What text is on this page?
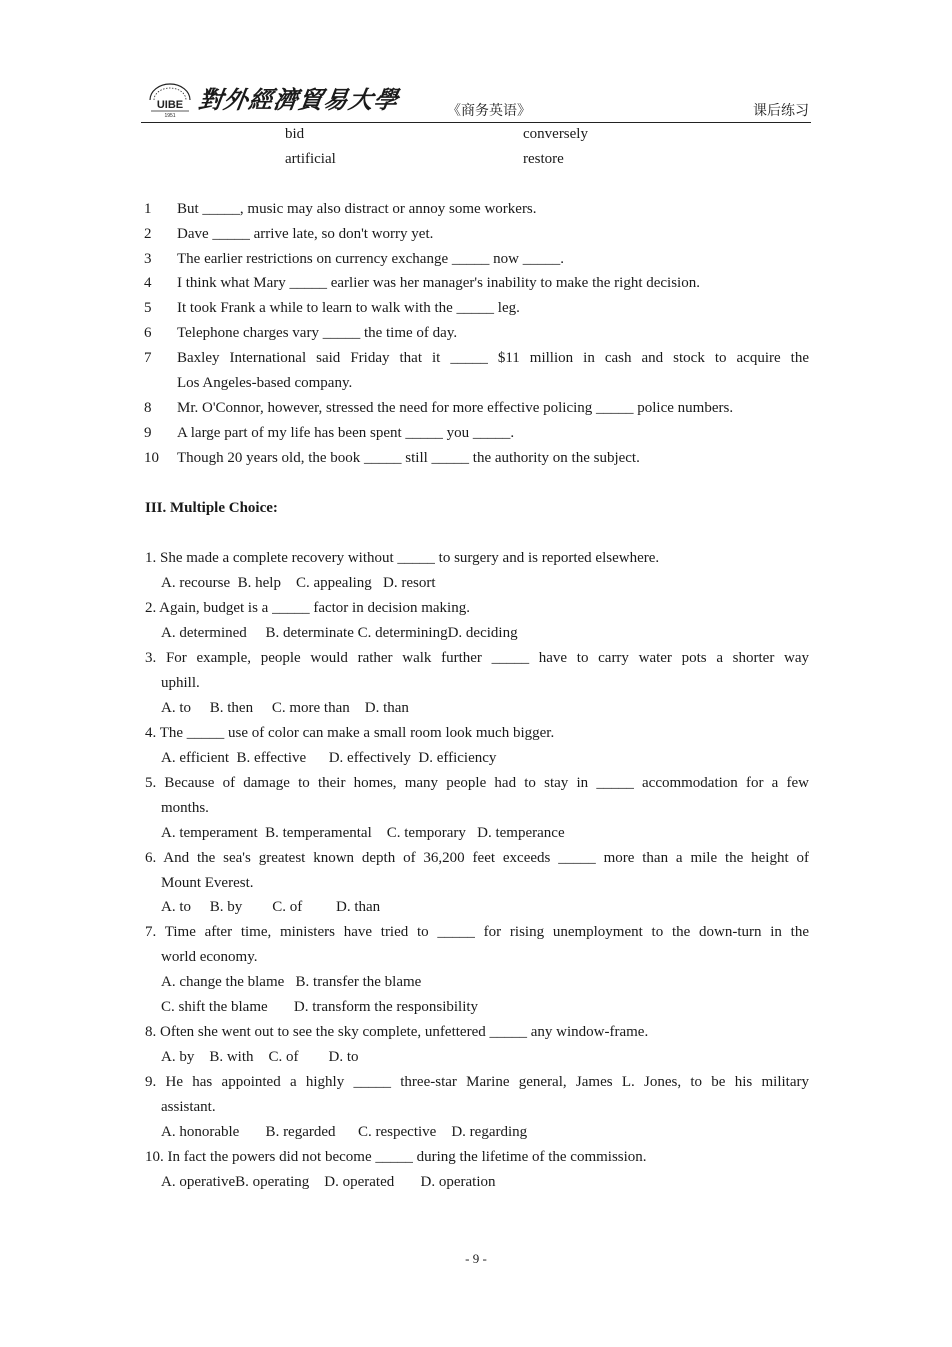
UIBE
1951
對外經濟貿易大學	《商务英语》	课后练习
bid
artificial
conversely
restore
1 But _____, music may also distract or annoy some workers.
2 Dave _____ arrive late, so don't worry yet.
3 The earlier restrictions on currency exchange _____ now _____.
4 I think what Mary _____ earlier was her manager's inability to make the right decision.
5 It took Frank a while to learn to walk with the _____ leg.
6 Telephone charges vary _____ the time of day.
7 Baxley International said Friday that it _____ $11 million in cash and stock to acquire the
Los Angeles-based company.
8 Mr. O'Connor, however, stressed the need for more effective policing _____ police numbers.
9 A large part of my life has been spent _____ you _____.
10 Though 20 years old, the book _____ still _____ the authority on the subject.
III. Multiple Choice:
1. She made a complete recovery without _____ to surgery and is reported elsewhere.
A. recourse  B. help    C. appealing   D. resort
2. Again, budget is a _____ factor in decision making.
A. determined     B. determinate C. determiningD. deciding
3. For example, people would rather walk further _____ have to carry water pots a shorter way
uphill.
A. to     B. then     C. more than    D. than
4. The _____ use of color can make a small room look much bigger.
A. efficient  B. effective      D. effectively  D. efficiency
5. Because of damage to their homes, many people had to stay in _____ accommodation for a few
months.
A. temperament  B. temperamental    C. temporary   D. temperance
6. And the sea's greatest known depth of 36,200 feet exceeds _____ more than a mile the height of
Mount Everest.
A. to     B. by        C. of         D. than
7. Time after time, ministers have tried to _____ for rising unemployment to the down-turn in the
world economy.
A. change the blame   B. transfer the blame
C. shift the blame       D. transform the responsibility
8. Often she went out to see the sky complete, unfettered _____ any window-frame.
A. by    B. with    C. of        D. to
9. He has appointed a highly _____ three-star Marine general, James L. Jones, to be his military
assistant.
A. honorable       B. regarded      C. respective    D. regarding
10. In fact the powers did not become _____ during the lifetime of the commission.
A. operativeB. operating    D. operated       D. operation
- 9 -
